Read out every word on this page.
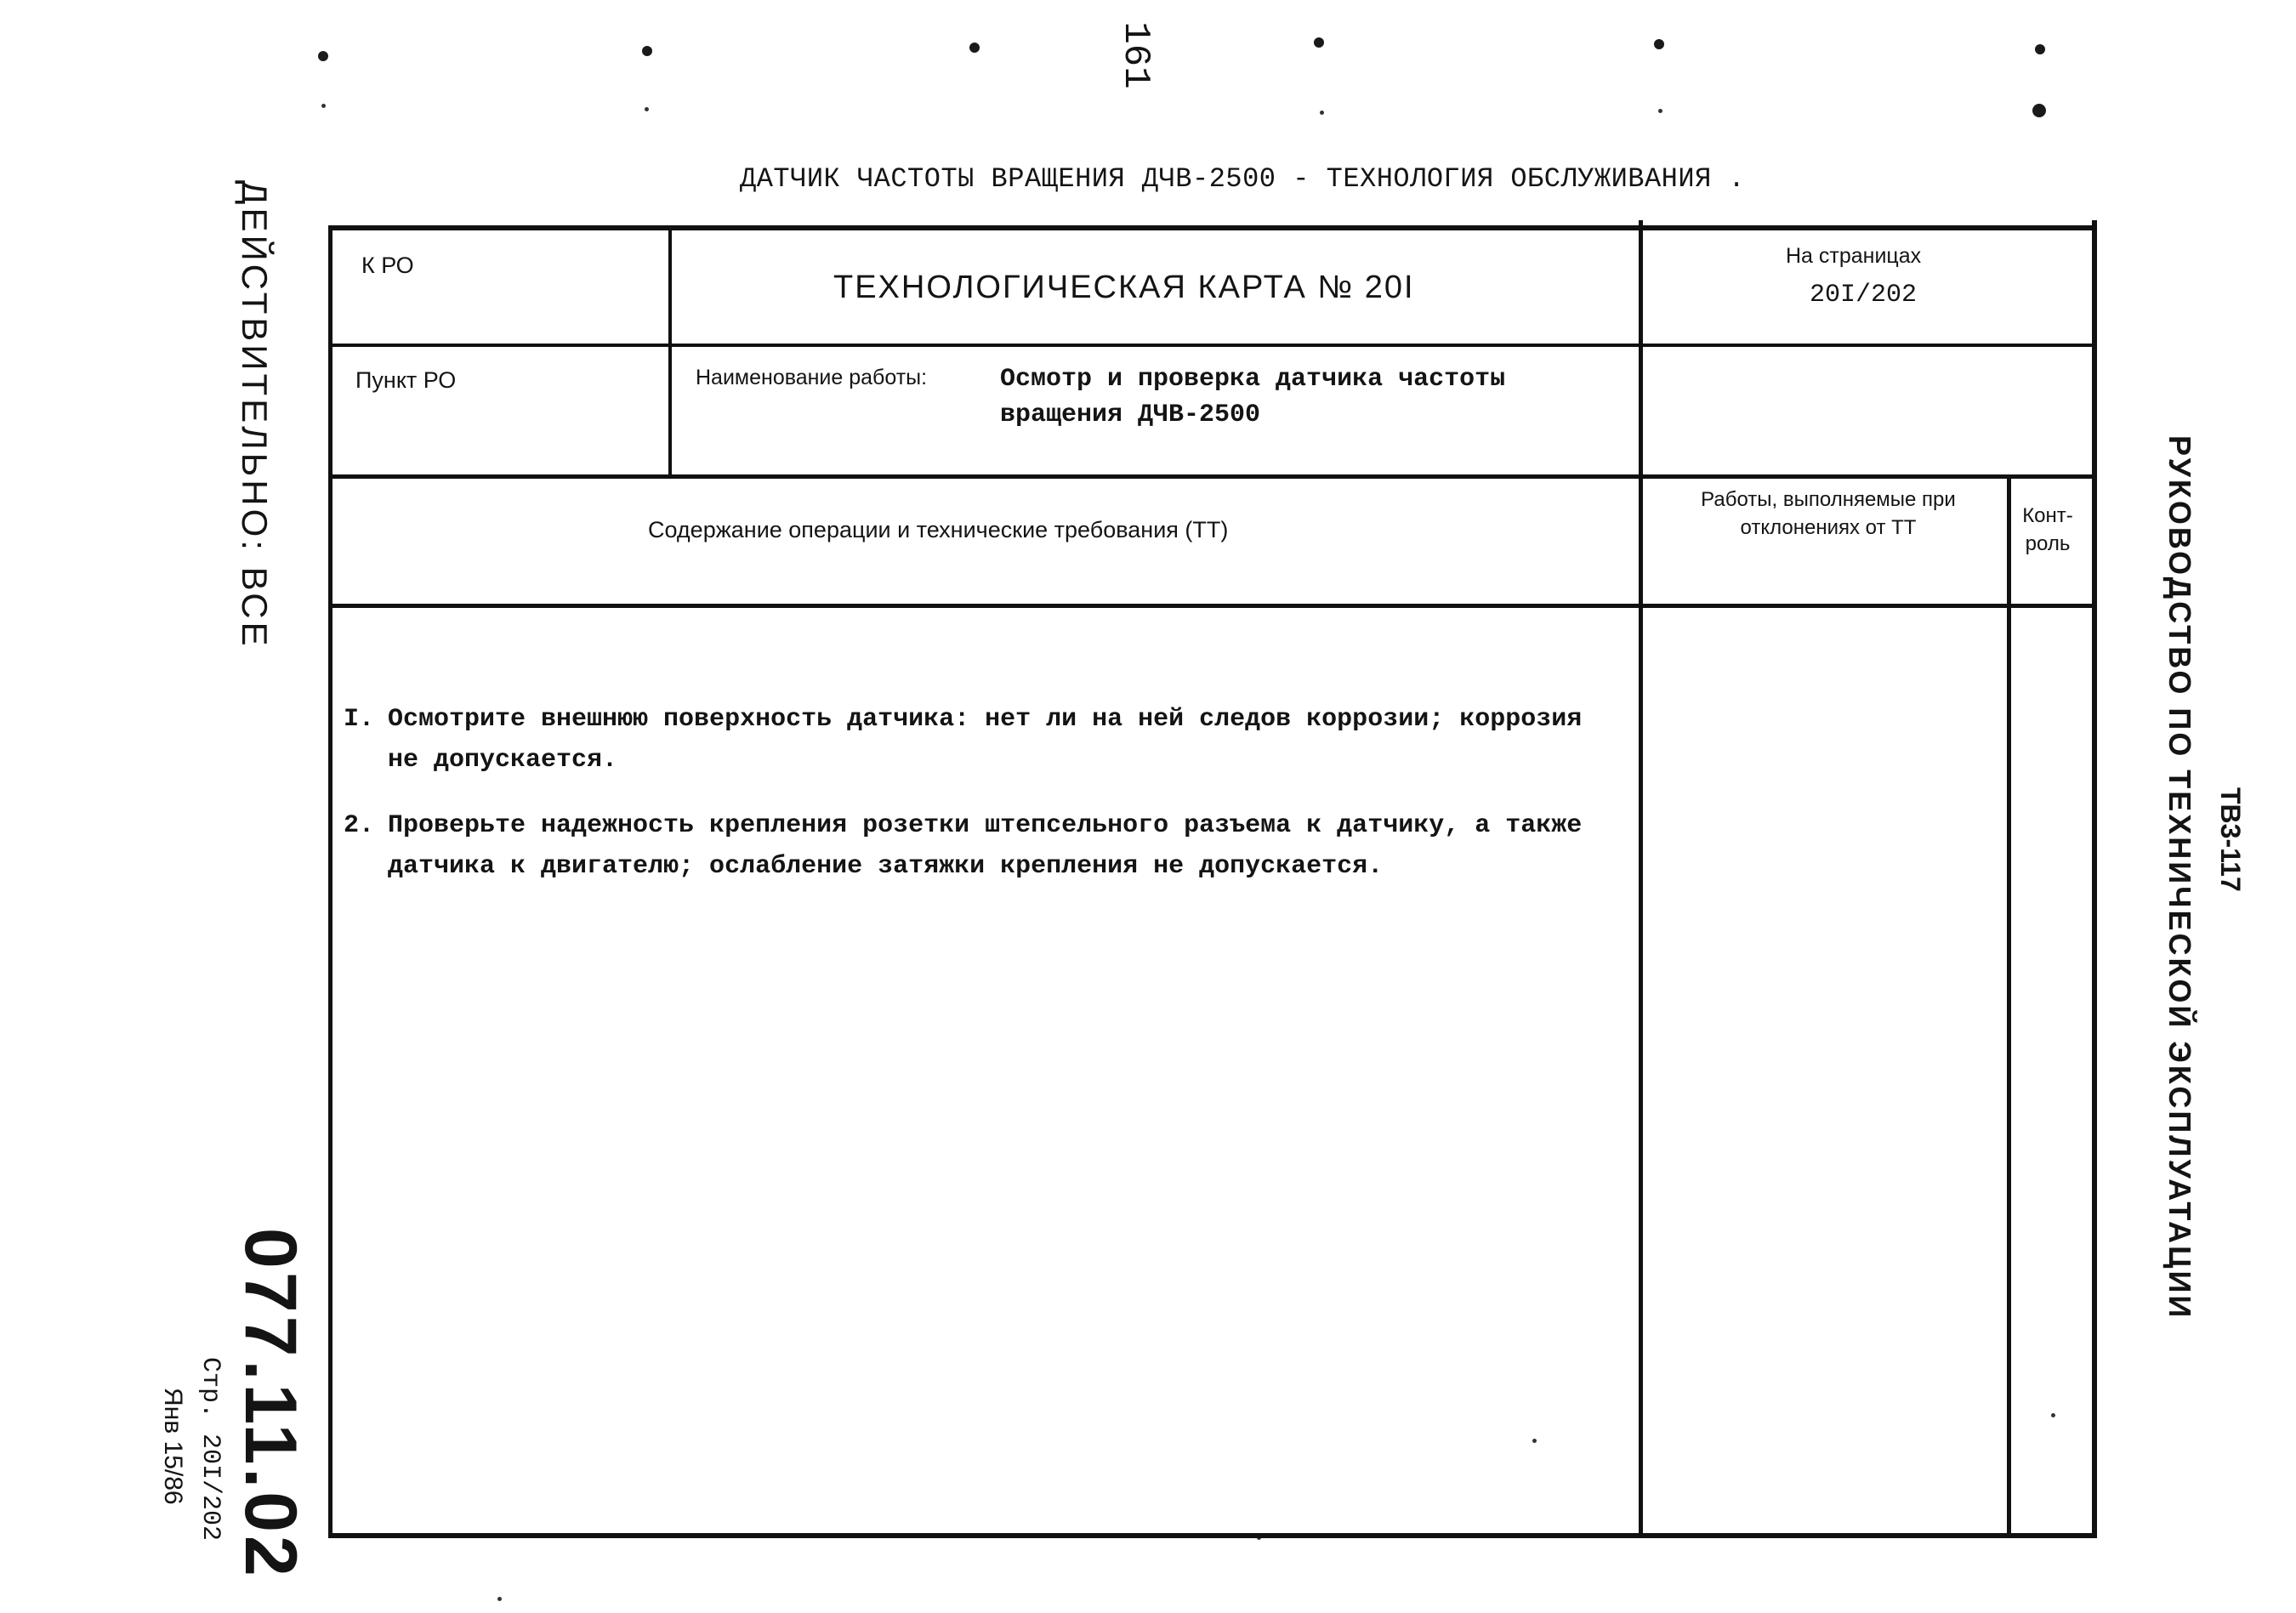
161
ДАТЧИК ЧАСТОТЫ ВРАЩЕНИЯ ДЧВ-2500 - ТЕХНОЛОГИЯ ОБСЛУЖИВАНИЯ .
ДЕЙСТВИТЕЛЬНО: ВСЕ
077.11.02
Стр. 20I/202
Янв 15/86
ТВ3-117
РУКОВОДСТВО ПО ТЕХНИЧЕСКОЙ ЭКСПЛУАТАЦИИ
К РО
ТЕХНОЛОГИЧЕСКАЯ КАРТА № 20I
На страницах
20I/202
Пункт РО	Наименование работы:	Осмотр и проверка датчика частоты вращения ДЧВ-2500
Содержание операции и технические требования (ТТ)
Работы, выполняемые при отклонениях от ТТ
Конт-роль
I. Осмотрите внешнюю поверхность датчика: нет ли на ней следов коррозии; коррозия
не допускается.
2. Проверьте надежность крепления розетки штепсельного разъема к датчику, а также
датчика к двигателю; ослабление затяжки крепления не допускается.
